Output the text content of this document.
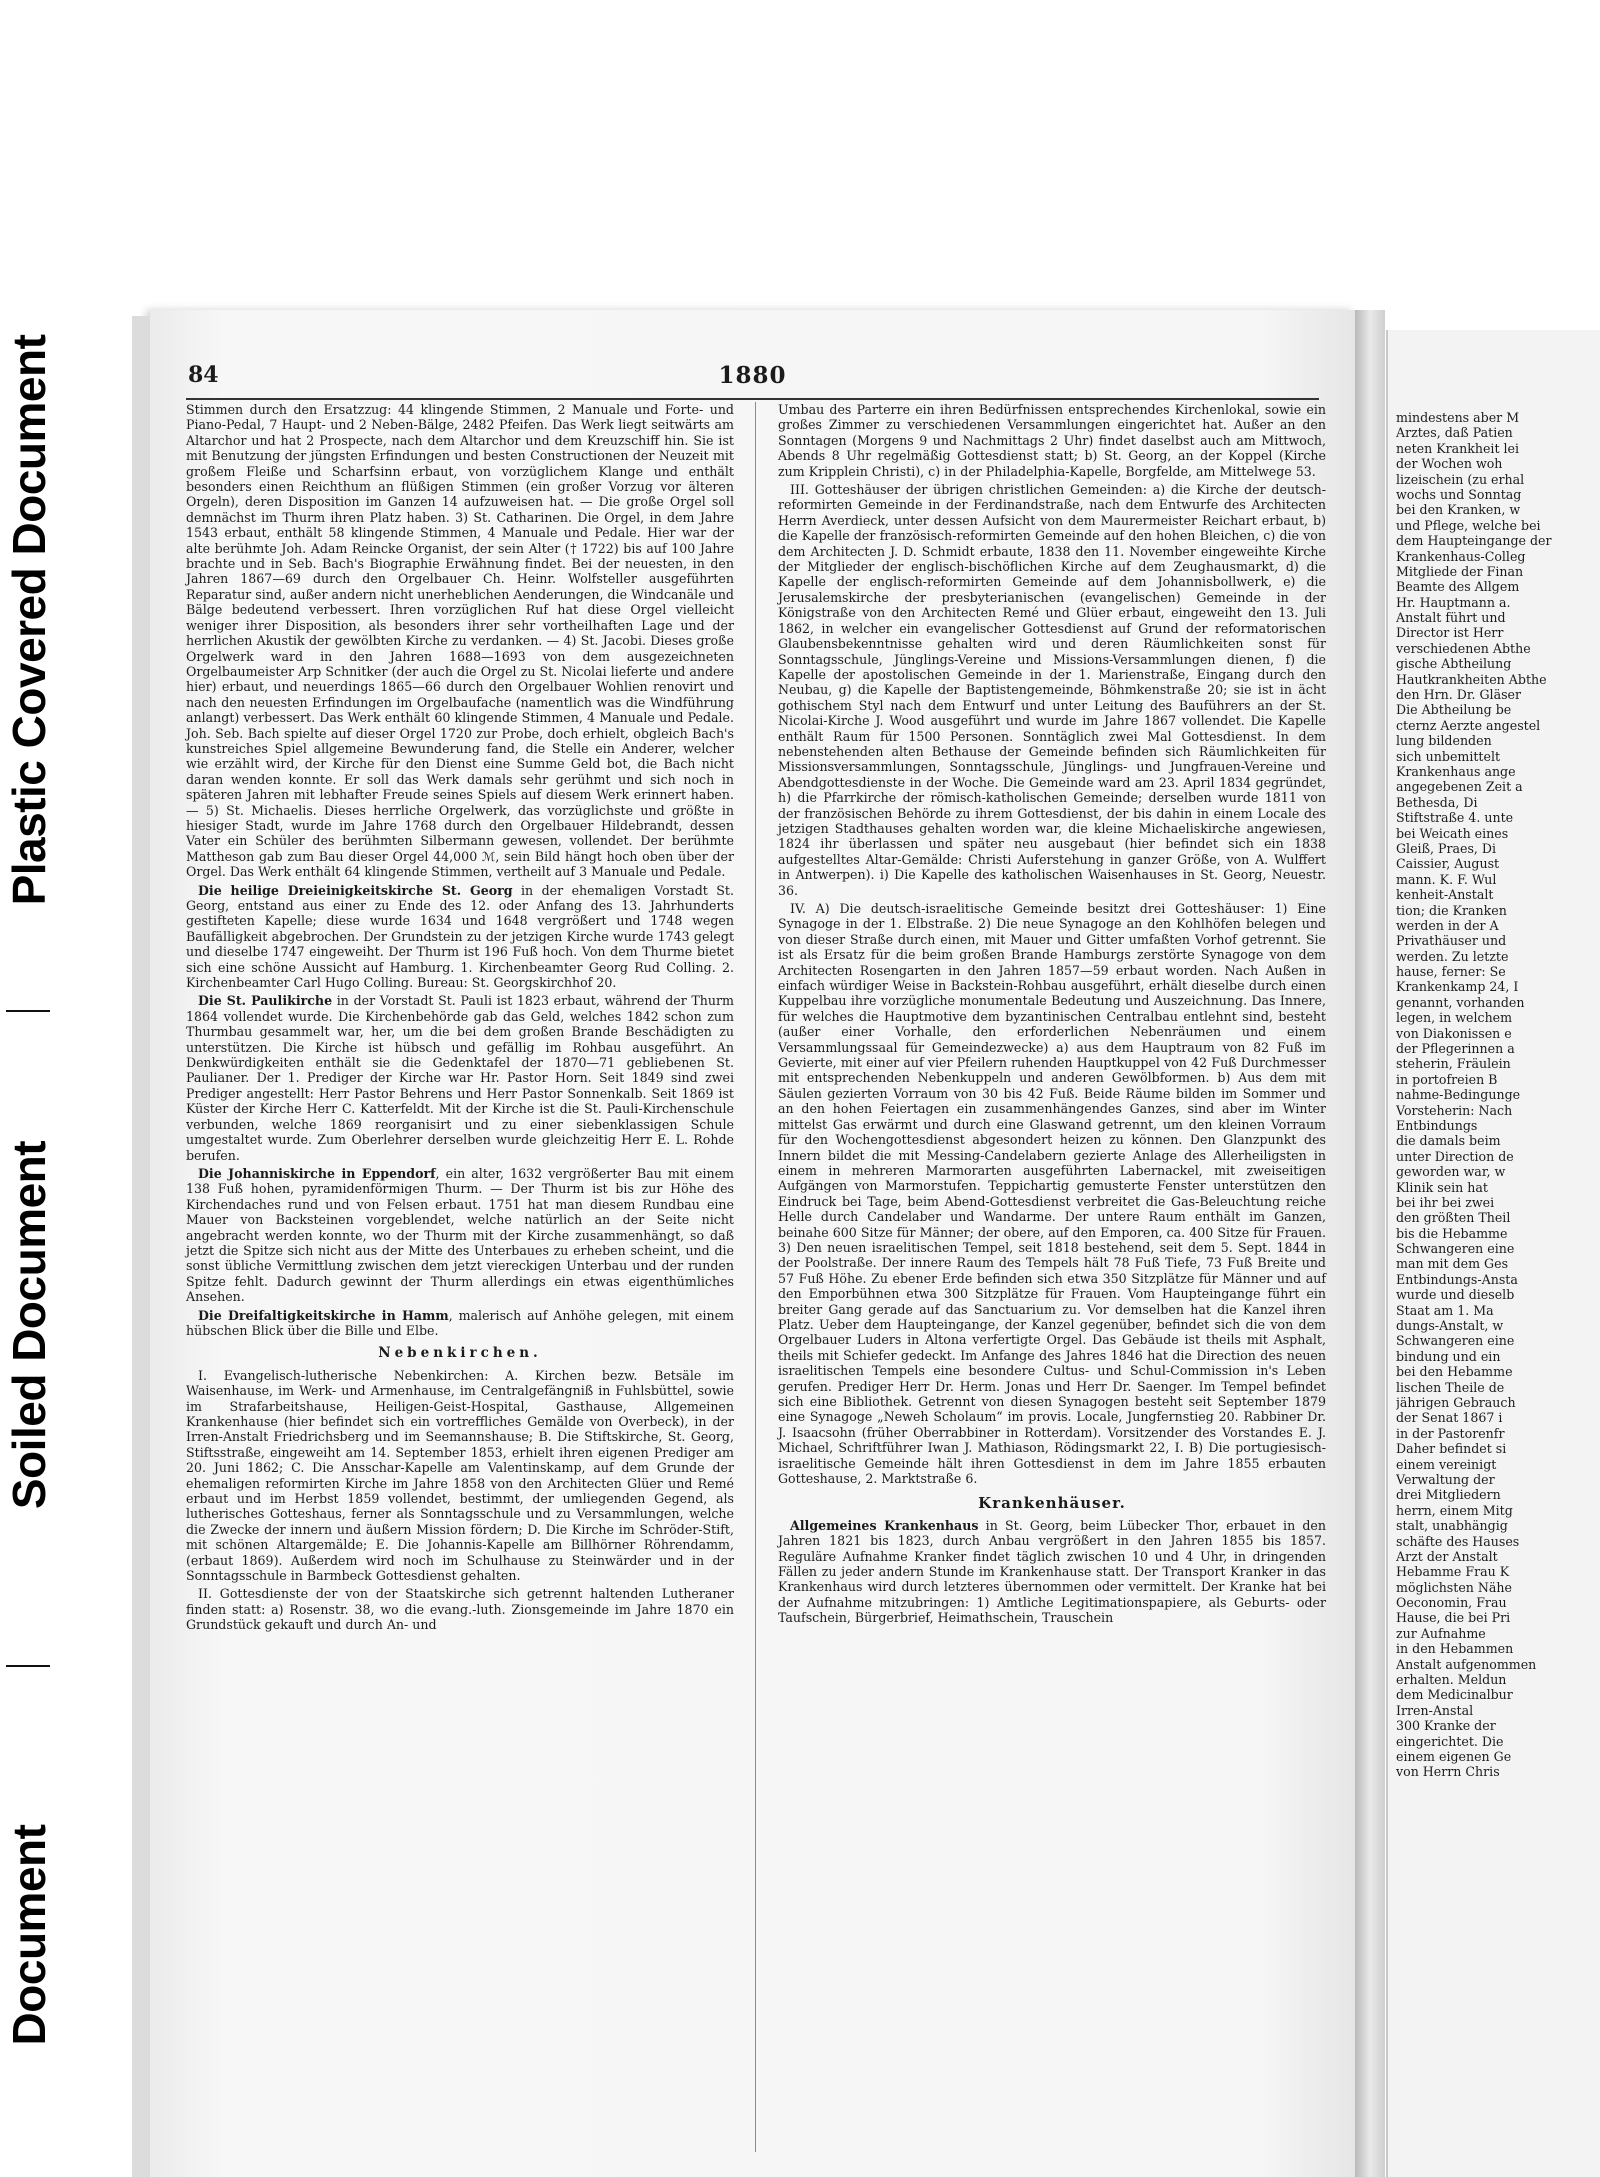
Plastic Covered Document
Soiled Document
Document
84	1880

Stimmen durch den Ersatzzug: 44 klingende Stimmen, 2 Manuale und Forte- und Piano-Pedal, 7 Haupt- und 2 Neben-Bälge, 2482 Pfeifen. Das Werk liegt seitwärts am Altarchor und hat 2 Prospecte, nach dem Altarchor und dem Kreuzschiff hin. Sie ist mit Benutzung der jüngsten Erfindungen und besten Constructionen der Neuzeit mit großem Fleiße und Scharfsinn erbaut, von vorzüglichem Klange und enthält besonders einen Reichthum an flüßigen Stimmen (ein großer Vorzug vor älteren Orgeln), deren Disposition im Ganzen 14 aufzuweisen hat. — Die große Orgel soll demnächst im Thurm ihren Platz haben. 3) St. Catharinen. Die Orgel, in dem Jahre 1543 erbaut, enthält 58 klingende Stimmen, 4 Manuale und Pedale. Hier war der alte berühmte Joh. Adam Reincke Organist, der sein Alter († 1722) bis auf 100 Jahre brachte und in Seb. Bach's Biographie Erwähnung findet. Bei der neuesten, in den Jahren 1867—69 durch den Orgelbauer Ch. Heinr. Wolfsteller ausgeführten Reparatur sind, außer andern nicht unerheblichen Aenderungen, die Windcanäle und Bälge bedeutend verbessert. Ihren vorzüglichen Ruf hat diese Orgel vielleicht weniger ihrer Disposition, als besonders ihrer sehr vortheilhaften Lage und der herrlichen Akustik der gewölbten Kirche zu verdanken. — 4) St. Jacobi. Dieses große Orgelwerk ward in den Jahren 1688—1693 von dem ausgezeichneten Orgelbaumeister Arp Schnitker (der auch die Orgel zu St. Nicolai lieferte und andere hier) erbaut, und neuerdings 1865—66 durch den Orgelbauer Wohlien renovirt und nach den neuesten Erfindungen im Orgelbaufache (namentlich was die Windführung anlangt) verbessert. Das Werk enthält 60 klingende Stimmen, 4 Manuale und Pedale. Joh. Seb. Bach spielte auf dieser Orgel 1720 zur Probe, doch erhielt, obgleich Bach's kunstreiches Spiel allgemeine Bewunderung fand, die Stelle ein Anderer, welcher wie erzählt wird, der Kirche für den Dienst eine Summe Geld bot, die Bach nicht daran wenden konnte. Er soll das Werk damals sehr gerühmt und sich noch in späteren Jahren mit lebhafter Freude seines Spiels auf diesem Werk erinnert haben. — 5) St. Michaelis. Dieses herrliche Orgelwerk, das vorzüglichste und größte in hiesiger Stadt, wurde im Jahre 1768 durch den Orgelbauer Hildebrandt, dessen Vater ein Schüler des berühmten Silbermann gewesen, vollendet. Der berühmte Mattheson gab zum Bau dieser Orgel 44,000 ℳ, sein Bild hängt hoch oben über der Orgel. Das Werk enthält 64 klingende Stimmen, vertheilt auf 3 Manuale und Pedale.

Die heilige Dreieinigkeitskirche St. Georg in der ehemaligen Vorstadt St. Georg, entstand aus einer zu Ende des 12. oder Anfang des 13. Jahrhunderts gestifteten Kapelle; diese wurde 1634 und 1648 vergrößert und 1748 wegen Baufälligkeit abgebrochen. Der Grundstein zu der jetzigen Kirche wurde 1743 gelegt und dieselbe 1747 eingeweiht. Der Thurm ist 196 Fuß hoch. Von dem Thurme bietet sich eine schöne Aussicht auf Hamburg. 1. Kirchenbeamter Georg Rud Colling. 2. Kirchenbeamter Carl Hugo Colling. Bureau: St. Georgskirchhof 20.

Die St. Paulikirche in der Vorstadt St. Pauli ist 1823 erbaut, während der Thurm 1864 vollendet wurde. Die Kirchenbehörde gab das Geld, welches 1842 schon zum Thurmbau gesammelt war, her, um die bei dem großen Brande Beschädigten zu unterstützen. Die Kirche ist hübsch und gefällig im Rohbau ausgeführt. An Denkwürdigkeiten enthält sie die Gedenktafel der 1870—71 gebliebenen St. Paulianer. Der 1. Prediger der Kirche war Hr. Pastor Horn. Seit 1849 sind zwei Prediger angestellt: Herr Pastor Behrens und Herr Pastor Sonnenkalb. Seit 1869 ist Küster der Kirche Herr C. Katterfeldt. Mit der Kirche ist die St. Pauli-Kirchenschule verbunden, welche 1869 reorganisirt und zu einer siebenklassigen Schule umgestaltet wurde. Zum Oberlehrer derselben wurde gleichzeitig Herr E. L. Rohde berufen.

Die Johanniskirche in Eppendorf, ein alter, 1632 vergrößerter Bau mit einem 138 Fuß hohen, pyramidenförmigen Thurm. — Der Thurm ist bis zur Höhe des Kirchendaches rund und von Felsen erbaut. 1751 hat man diesem Rundbau eine Mauer von Backsteinen vorgeblendet, welche natürlich an der Seite nicht angebracht werden konnte, wo der Thurm mit der Kirche zusammenhängt, so daß jetzt die Spitze sich nicht aus der Mitte des Unterbaues zu erheben scheint, und die sonst übliche Vermittlung zwischen dem jetzt viereckigen Unterbau und der runden Spitze fehlt. Dadurch gewinnt der Thurm allerdings ein etwas eigenthümliches Ansehen.

Die Dreifaltigkeitskirche in Hamm, malerisch auf Anhöhe gelegen, mit einem hübschen Blick über die Bille und Elbe.

Nebenkirchen.

I. Evangelisch-lutherische Nebenkirchen: A. Kirchen bezw. Betsäle im Waisenhause, im Werk- und Armenhause, im Centralgefängniß in Fuhlsbüttel, sowie im Strafarbeitshause, Heiligen-Geist-Hospital, Gasthause, Allgemeinen Krankenhause (hier befindet sich ein vortreffliches Gemälde von Overbeck), in der Irren-Anstalt Friedrichsberg und im Seemannshause; B. Die Stiftskirche, St. Georg, Stiftsstraße, eingeweiht am 14. September 1853, erhielt ihren eigenen Prediger am 20. Juni 1862; C. Die Ansschar-Kapelle am Valentinskamp, auf dem Grunde der ehemaligen reformirten Kirche im Jahre 1858 von den Architecten Glüer und Remé erbaut und im Herbst 1859 vollendet, bestimmt, der umliegenden Gegend, als lutherisches Gotteshaus, ferner als Sonntagsschule und zu Versammlungen, welche die Zwecke der innern und äußern Mission fördern; D. Die Kirche im Schröder-Stift, mit schönen Altargemälde; E. Die Johannis-Kapelle am Billhörner Röhrendamm, (erbaut 1869). Außerdem wird noch im Schulhause zu Steinwärder und in der Sonntagsschule in Barmbeck Gottesdienst gehalten.

II. Gottesdienste der von der Staatskirche sich getrennt haltenden Lutheraner finden statt: a) Rosenstr. 38, wo die evang.-luth. Zionsgemeinde im Jahre 1870 ein Grundstück gekauft und durch An- und

Umbau des Parterre ein ihren Bedürfnissen entsprechendes Kirchenlokal, sowie ein großes Zimmer zu verschiedenen Versammlungen eingerichtet hat. Außer an den Sonntagen (Morgens 9 und Nachmittags 2 Uhr) findet daselbst auch am Mittwoch, Abends 8 Uhr regelmäßig Gottesdienst statt; b) St. Georg, an der Koppel (Kirche zum Kripplein Christi), c) in der Philadelphia-Kapelle, Borgfelde, am Mittelwege 53.

III. Gotteshäuser der übrigen christlichen Gemeinden: a) die Kirche der deutsch-reformirten Gemeinde in der Ferdinandstraße, nach dem Entwurfe des Architecten Herrn Averdieck, unter dessen Aufsicht von dem Maurermeister Reichart erbaut, b) die Kapelle der französisch-reformirten Gemeinde auf den hohen Bleichen, c) die von dem Architecten J. D. Schmidt erbaute, 1838 den 11. November eingeweihte Kirche der Mitglieder der englisch-bischöflichen Kirche auf dem Zeughausmarkt, d) die Kapelle der englisch-reformirten Gemeinde auf dem Johannisbollwerk, e) die Jerusalemskirche der presbyterianischen (evangelischen) Gemeinde in der Königstraße von den Architecten Remé und Glüer erbaut, eingeweiht den 13. Juli 1862, in welcher ein evangelischer Gottesdienst auf Grund der reformatorischen Glaubensbekenntnisse gehalten wird und deren Räumlichkeiten sonst für Sonntagsschule, Jünglings-Vereine und Missions-Versammlungen dienen, f) die Kapelle der apostolischen Gemeinde in der 1. Marienstraße, Eingang durch den Neubau, g) die Kapelle der Baptistengemeinde, Böhmkenstraße 20; sie ist in ächt gothischem Styl nach dem Entwurf und unter Leitung des Bauführers an der St. Nicolai-Kirche J. Wood ausgeführt und wurde im Jahre 1867 vollendet. Die Kapelle enthält Raum für 1500 Personen. Sonntäglich zwei Mal Gottesdienst. In dem nebenstehenden alten Bethause der Gemeinde befinden sich Räumlichkeiten für Missionsversammlungen, Sonntagsschule, Jünglings- und Jungfrauen-Vereine und Abendgottesdienste in der Woche. Die Gemeinde ward am 23. April 1834 gegründet, h) die Pfarrkirche der römisch-katholischen Gemeinde; derselben wurde 1811 von der französischen Behörde zu ihrem Gottesdienst, der bis dahin in einem Locale des jetzigen Stadthauses gehalten worden war, die kleine Michaeliskirche angewiesen, 1824 ihr überlassen und später neu ausgebaut (hier befindet sich ein 1838 aufgestelltes Altar-Gemälde: Christi Auferstehung in ganzer Größe, von A. Wulffert in Antwerpen). i) Die Kapelle des katholischen Waisenhauses in St. Georg, Neuestr. 36.

IV. A) Die deutsch-israelitische Gemeinde besitzt drei Gotteshäuser: 1) Eine Synagoge in der 1. Elbstraße. 2) Die neue Synagoge an den Kohlhöfen belegen und von dieser Straße durch einen, mit Mauer und Gitter umfaßten Vorhof getrennt. Sie ist als Ersatz für die beim großen Brande Hamburgs zerstörte Synagoge von dem Architecten Rosengarten in den Jahren 1857—59 erbaut worden. Nach Außen in einfach würdiger Weise in Backstein-Rohbau ausgeführt, erhält dieselbe durch einen Kuppelbau ihre vorzügliche monumentale Bedeutung und Auszeichnung. Das Innere, für welches die Hauptmotive dem byzantinischen Centralbau entlehnt sind, besteht (außer einer Vorhalle, den erforderlichen Nebenräumen und einem Versammlungssaal für Gemeindezwecke) a) aus dem Hauptraum von 82 Fuß im Gevierte, mit einer auf vier Pfeilern ruhenden Hauptkuppel von 42 Fuß Durchmesser mit entsprechenden Nebenkuppeln und anderen Gewölbformen. b) Aus dem mit Säulen gezierten Vorraum von 30 bis 42 Fuß. Beide Räume bilden im Sommer und an den hohen Feiertagen ein zusammenhängendes Ganzes, sind aber im Winter mittelst Gas erwärmt und durch eine Glaswand getrennt, um den kleinen Vorraum für den Wochengottesdienst abgesondert heizen zu können. Den Glanzpunkt des Innern bildet die mit Messing-Candelabern gezierte Anlage des Allerheiligsten in einem in mehreren Marmorarten ausgeführten Labernackel, mit zweiseitigen Aufgängen von Marmorstufen. Teppichartig gemusterte Fenster unterstützen den Eindruck bei Tage, beim Abend-Gottesdienst verbreitet die Gas-Beleuchtung reiche Helle durch Candelaber und Wandarme. Der untere Raum enthält im Ganzen, beinahe 600 Sitze für Männer; der obere, auf den Emporen, ca. 400 Sitze für Frauen. 3) Den neuen israelitischen Tempel, seit 1818 bestehend, seit dem 5. Sept. 1844 in der Poolstraße. Der innere Raum des Tempels hält 78 Fuß Tiefe, 73 Fuß Breite und 57 Fuß Höhe. Zu ebener Erde befinden sich etwa 350 Sitzplätze für Männer und auf den Emporbühnen etwa 300 Sitzplätze für Frauen. Vom Haupteingange führt ein breiter Gang gerade auf das Sanctuarium zu. Vor demselben hat die Kanzel ihren Platz. Ueber dem Haupteingange, der Kanzel gegenüber, befindet sich die von dem Orgelbauer Luders in Altona verfertigte Orgel. Das Gebäude ist theils mit Asphalt, theils mit Schiefer gedeckt. Im Anfange des Jahres 1846 hat die Direction des neuen israelitischen Tempels eine besondere Cultus- und Schul-Commission in's Leben gerufen. Prediger Herr Dr. Herm. Jonas und Herr Dr. Saenger. Im Tempel befindet sich eine Bibliothek. Getrennt von diesen Synagogen besteht seit September 1879 eine Synagoge „Neweh Scholaum“ im provis. Locale, Jungfernstieg 20. Rabbiner Dr. J. Isaacsohn (früher Oberrabbiner in Rotterdam). Vorsitzender des Vorstandes E. J. Michael, Schriftführer Iwan J. Mathiason, Rödingsmarkt 22, I. B) Die portugiesisch-israelitische Gemeinde hält ihren Gottesdienst in dem im Jahre 1855 erbauten Gotteshause, 2. Marktstraße 6.

Krankenhäuser.

Allgemeines Krankenhaus in St. Georg, beim Lübecker Thor, erbauet in den Jahren 1821 bis 1823, durch Anbau vergrößert in den Jahren 1855 bis 1857. Reguläre Aufnahme Kranker findet täglich zwischen 10 und 4 Uhr, in dringenden Fällen zu jeder andern Stunde im Krankenhause statt. Der Transport Kranker in das Krankenhaus wird durch letzteres übernommen oder vermittelt. Der Kranke hat bei der Aufnahme mitzubringen: 1) Amtliche Legitimationspapiere, als Geburts- oder Taufschein, Bürgerbrief, Heimathschein, Trauschein

mindestens aber M
Arztes, daß Patien
neten Krankheit lei
der Wochen woh
lizeischein (zu erhal
wochs und Sonntag
bei den Kranken, w
und Pflege, welche bei
dem Haupteingange der
Krankenhaus-Colleg
Mitgliede der Finan
Beamte des Allgem
Hr. Hauptmann a.
Anstalt führt und
Director ist Herr
verschiedenen Abthe
gische Abtheilung
Hautkrankheiten Abthe
den Hrn. Dr. Gläser
Die Abtheilung be
cternz Aerzte angestel
lung bildenden
sich unbemittelt
Krankenhaus ange
angegebenen Zeit a
Bethesda, Di
Stiftstraße 4. unte
bei Weicath eines
Gleiß, Praes, Di
Caissier, August
mann. K. F. Wul
kenheit-Anstalt
tion; die Kranken
werden in der A
Privathäuser und
werden. Zu letzte
hause, ferner: Se
Krankenkamp 24, I
genannt, vorhanden
legen, in welchem
von Diakonissen e
der Pflegerinnen a
steherin, Fräulein
in portofreien B
nahme-Bedingunge
Vorsteherin: Nach
Entbindungs
die damals beim
unter Direction de
geworden war, w
Klinik sein hat
bei ihr bei zwei
den größten Theil
bis die Hebamme
Schwangeren eine
man mit dem Ges
Entbindungs-Ansta
wurde und dieselb
Staat am 1. Ma
dungs-Anstalt, w
Schwangeren eine
bindung und ein
bei den Hebamme
lischen Theile de
jährigen Gebrauch
der Senat 1867 i
in der Pastorenfr
Daher befindet si
einem vereinigt
Verwaltung der
drei Mitgliedern
herrn, einem Mitg
stalt, unabhängig
schäfte des Hauses
Arzt der Anstalt
Hebamme Frau K
möglichsten Nähe
Oeconomin, Frau
Hause, die bei Pri
zur Aufnahme
in den Hebammen
Anstalt aufgenommen
erhalten. Meldun
dem Medicinalbur
Irren-Anstal
300 Kranke der
eingerichtet. Die
einem eigenen Ge
von Herrn Chris
